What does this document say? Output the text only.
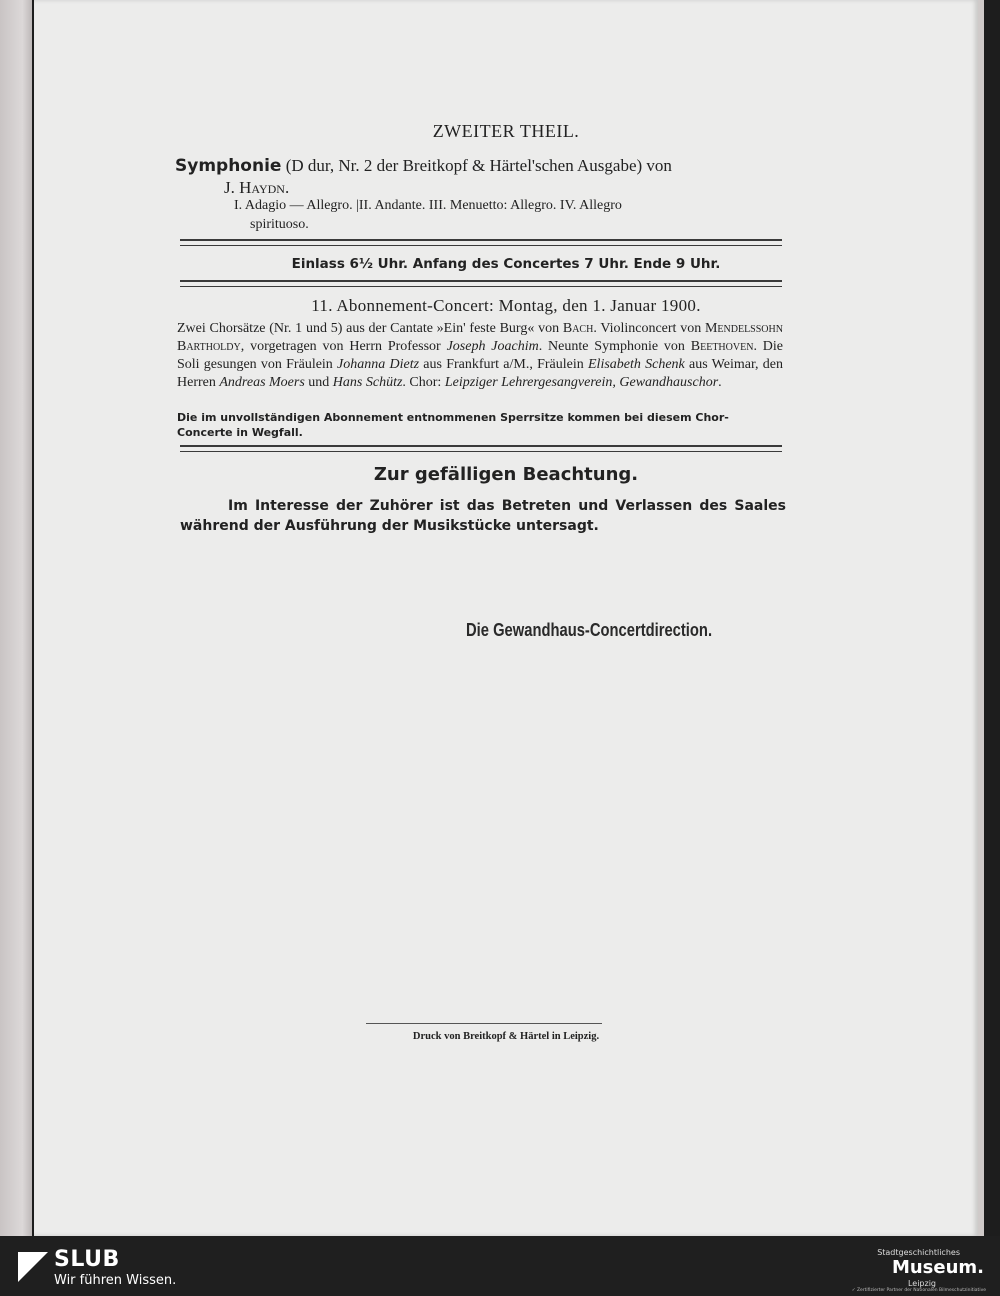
ZWEITER THEIL.
Symphonie (D dur, Nr. 2 der Breitkopf & Härtel'schen Ausgabe) von
J. Haydn.
I. Adagio — Allegro. |II. Andante. III. Menuetto: Allegro. IV. Allegro
spirituoso.
Einlass 6½ Uhr. Anfang des Concertes 7 Uhr. Ende 9 Uhr.
11. Abonnement-Concert: Montag, den 1. Januar 1900.
Zwei Chorsätze (Nr. 1 und 5) aus der Cantate »Ein' feste Burg« von Bach. Violinconcert von Mendelssohn Bartholdy, vorgetragen von Herrn Professor Joseph Joachim. Neunte Symphonie von Beethoven. Die Soli gesungen von Fräulein Johanna Dietz aus Frankfurt a/M., Fräulein Elisabeth Schenk aus Weimar, den Herren Andreas Moers und Hans Schütz. Chor: Leipziger Lehrergesangverein, Gewandhauschor.
Die im unvollständigen Abonnement entnommenen Sperrsitze kommen bei diesem Chor-Concerte in Wegfall.
Zur gefälligen Beachtung.
Im Interesse der Zuhörer ist das Betreten und Verlassen des Saales während der Ausführung der Musikstücke untersagt.
Die Gewandhaus-Concertdirection.
Druck von Breitkopf & Härtel in Leipzig.
SLUB
Wir führen Wissen.
Stadtgeschichtliches
Museum.
Leipzig
✓ Zertifizierter Partner der Nationalen Bilmeschutzinitiative
